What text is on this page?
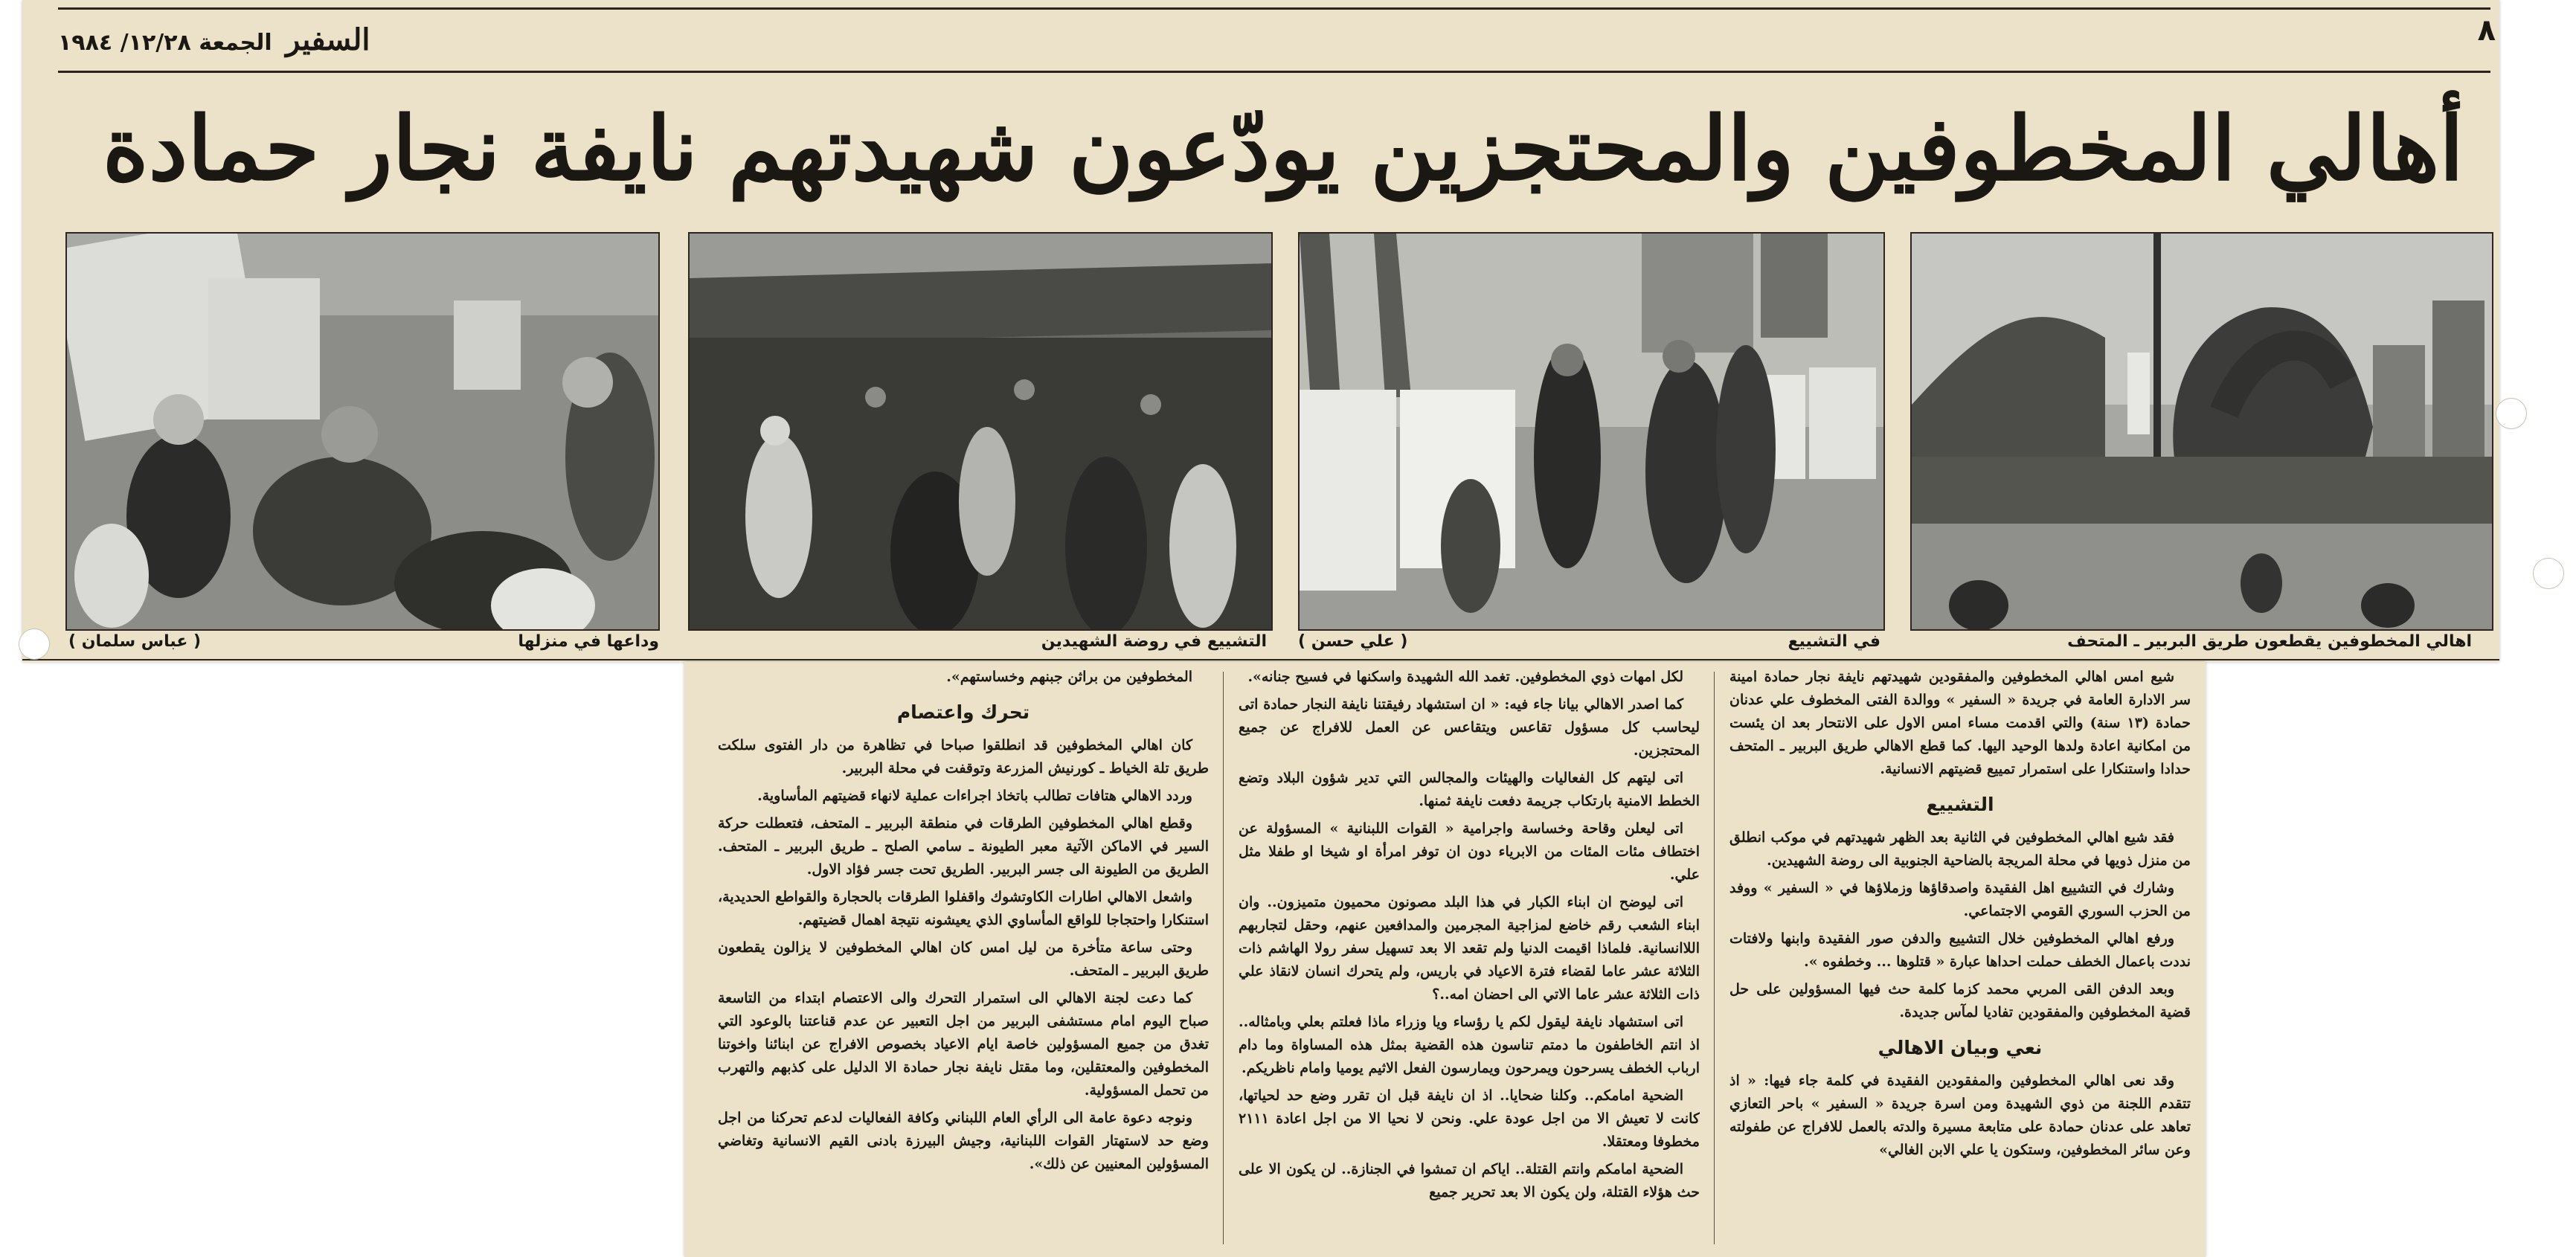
٨
السفير الجمعة ١٢/٢٨/ ١٩٨٤
أهالي المخطوفين والمحتجزين يودّعون شهيدتهم نايفة نجار حمادة
اهالي المخطوفين يقطعون طريق البربير ـ المتحف
في التشييع
( علي حسن )
التشييع في روضة الشهيدين
وداعها في منزلها
( عباس سلمان )

شيع امس اهالي المخطوفين والمفقودين شهيدتهم نايفة نجار حمادة امينة سر الادارة العامة في جريدة « السفير » ووالدة الفتى المخطوف علي عدنان حمادة (١٣ سنة) والتي اقدمت مساء امس الاول على الانتحار بعد ان يئست من امكانية اعادة ولدها الوحيد اليها. كما قطع الاهالي طريق البربير ـ المتحف حدادا واستنكارا على استمرار تمييع قضيتهم الانسانية.

التشييع

فقد شيع اهالي المخطوفين في الثانية بعد الظهر شهيدتهم في موكب انطلق من منزل ذويها في محلة المريجة بالضاحية الجنوبية الى روضة الشهيدين.

وشارك في التشييع اهل الفقيدة واصدقاؤها وزملاؤها في « السفير » ووفد من الحزب السوري القومي الاجتماعي.

ورفع اهالي المخطوفين خلال التشييع والدفن صور الفقيدة وابنها ولافتات نددت باعمال الخطف حملت احداها عبارة « قتلوها ... وخطفوه ».

وبعد الدفن القى المربي محمد كزما كلمة حث فيها المسؤولين على حل قضية المخطوفين والمفقودين تفاديا لمآس جديدة.

نعي وبيان الاهالي

وقد نعى اهالي المخطوفين والمفقودين الفقيدة في كلمة جاء فيها: « اذ تتقدم اللجنة من ذوي الشهيدة ومن اسرة جريدة « السفير » باحر التعازي تعاهد على عدنان حمادة على متابعة مسيرة والدته بالعمل للافراج عن طفولته وعن سائر المخطوفين، وستكون يا علي الابن الغالي»

لكل امهات ذوي المخطوفين. تغمد الله الشهيدة واسكنها في فسيح جنانه».

كما اصدر الاهالي بيانا جاء فيه: « ان استشهاد رفيقتنا نايفة النجار حمادة اتى ليحاسب كل مسؤول تقاعس ويتقاعس عن العمل للافراج عن جميع المحتجزين.

اتى ليتهم كل الفعاليات والهيئات والمجالس التي تدير شؤون البلاد وتضع الخطط الامنية بارتكاب جريمة دفعت نايفة ثمنها.

اتى ليعلن وقاحة وخساسة واجرامية « القوات اللبنانية » المسؤولة عن اختطاف مئات المئات من الابرياء دون ان توفر امرأة او شيخا او طفلا مثل علي.

اتى ليوضح ان ابناء الكبار في هذا البلد مصونون محميون متميزون.. وان ابناء الشعب رقم خاضع لمزاجية المجرمين والمدافعين عنهم، وحقل لتجاربهم اللاانسانية. فلماذا اقيمت الدنيا ولم تقعد الا بعد تسهيل سفر رولا الهاشم ذات الثلاثة عشر عاما لقضاء فترة الاعياد في باريس، ولم يتحرك انسان لانقاذ علي ذات الثلاثة عشر عاما الاتي الى احضان امه..؟

اتى استشهاد نايفة ليقول لكم يا رؤساء ويا وزراء ماذا فعلتم بعلي وبامثاله.. اذ انتم الخاطفون ما دمتم تناسون هذه القضية بمثل هذه المساواة وما دام ارباب الخطف يسرحون ويمرحون ويمارسون الفعل الاثيم يوميا وامام ناظريكم.

الضحية امامكم.. وكلنا ضحايا.. اذ ان نايفة قبل ان تقرر وضع حد لحياتها، كانت لا تعيش الا من اجل عودة علي. ونحن لا نحيا الا من اجل اعادة ٢١١١ مخطوفا ومعتقلا.

الضحية امامكم وانتم القتلة.. اياكم ان تمشوا في الجنازة.. لن يكون الا على حث هؤلاء القتلة، ولن يكون الا بعد تحرير جميع

المخطوفين من براثن جبنهم وخساستهم».

تحرك واعتصام

كان اهالي المخطوفين قد انطلقوا صباحا في تظاهرة من دار الفتوى سلكت طريق تلة الخياط ـ كورنيش المزرعة وتوقفت في محلة البربير.

وردد الاهالي هتافات تطالب باتخاذ اجراءات عملية لانهاء قضيتهم المأساوية.

وقطع اهالي المخطوفين الطرقات في منطقة البربير ـ المتحف، فتعطلت حركة السير في الاماكن الآتية معبر الطيونة ـ سامي الصلح ـ طريق البربير ـ المتحف. الطريق من الطيونة الى جسر البربير. الطريق تحت جسر فؤاد الاول.

واشعل الاهالي اطارات الكاوتشوك واقفلوا الطرقات بالحجارة والقواطع الحديدية، استنكارا واحتجاجا للواقع المأساوي الذي يعيشونه نتيجة اهمال قضيتهم.

وحتى ساعة متأخرة من ليل امس كان اهالي المخطوفين لا يزالون يقطعون طريق البربير ـ المتحف.

كما دعت لجنة الاهالي الى استمرار التحرك والى الاعتصام ابتداء من التاسعة صباح اليوم امام مستشفى البربير من اجل التعبير عن عدم قناعتنا بالوعود التي تغدق من جميع المسؤولين خاصة ايام الاعياد بخصوص الافراج عن ابنائنا واخوتنا المخطوفين والمعتقلين، وما مقتل نايفة نجار حمادة الا الدليل على كذبهم والتهرب من تحمل المسؤولية.

ونوجه دعوة عامة الى الرأي العام اللبناني وكافة الفعاليات لدعم تحركنا من اجل وضع حد لاستهتار القوات اللبنانية، وجيش البيرزة بادنى القيم الانسانية وتغاضي المسؤولين المعنيين عن ذلك».
